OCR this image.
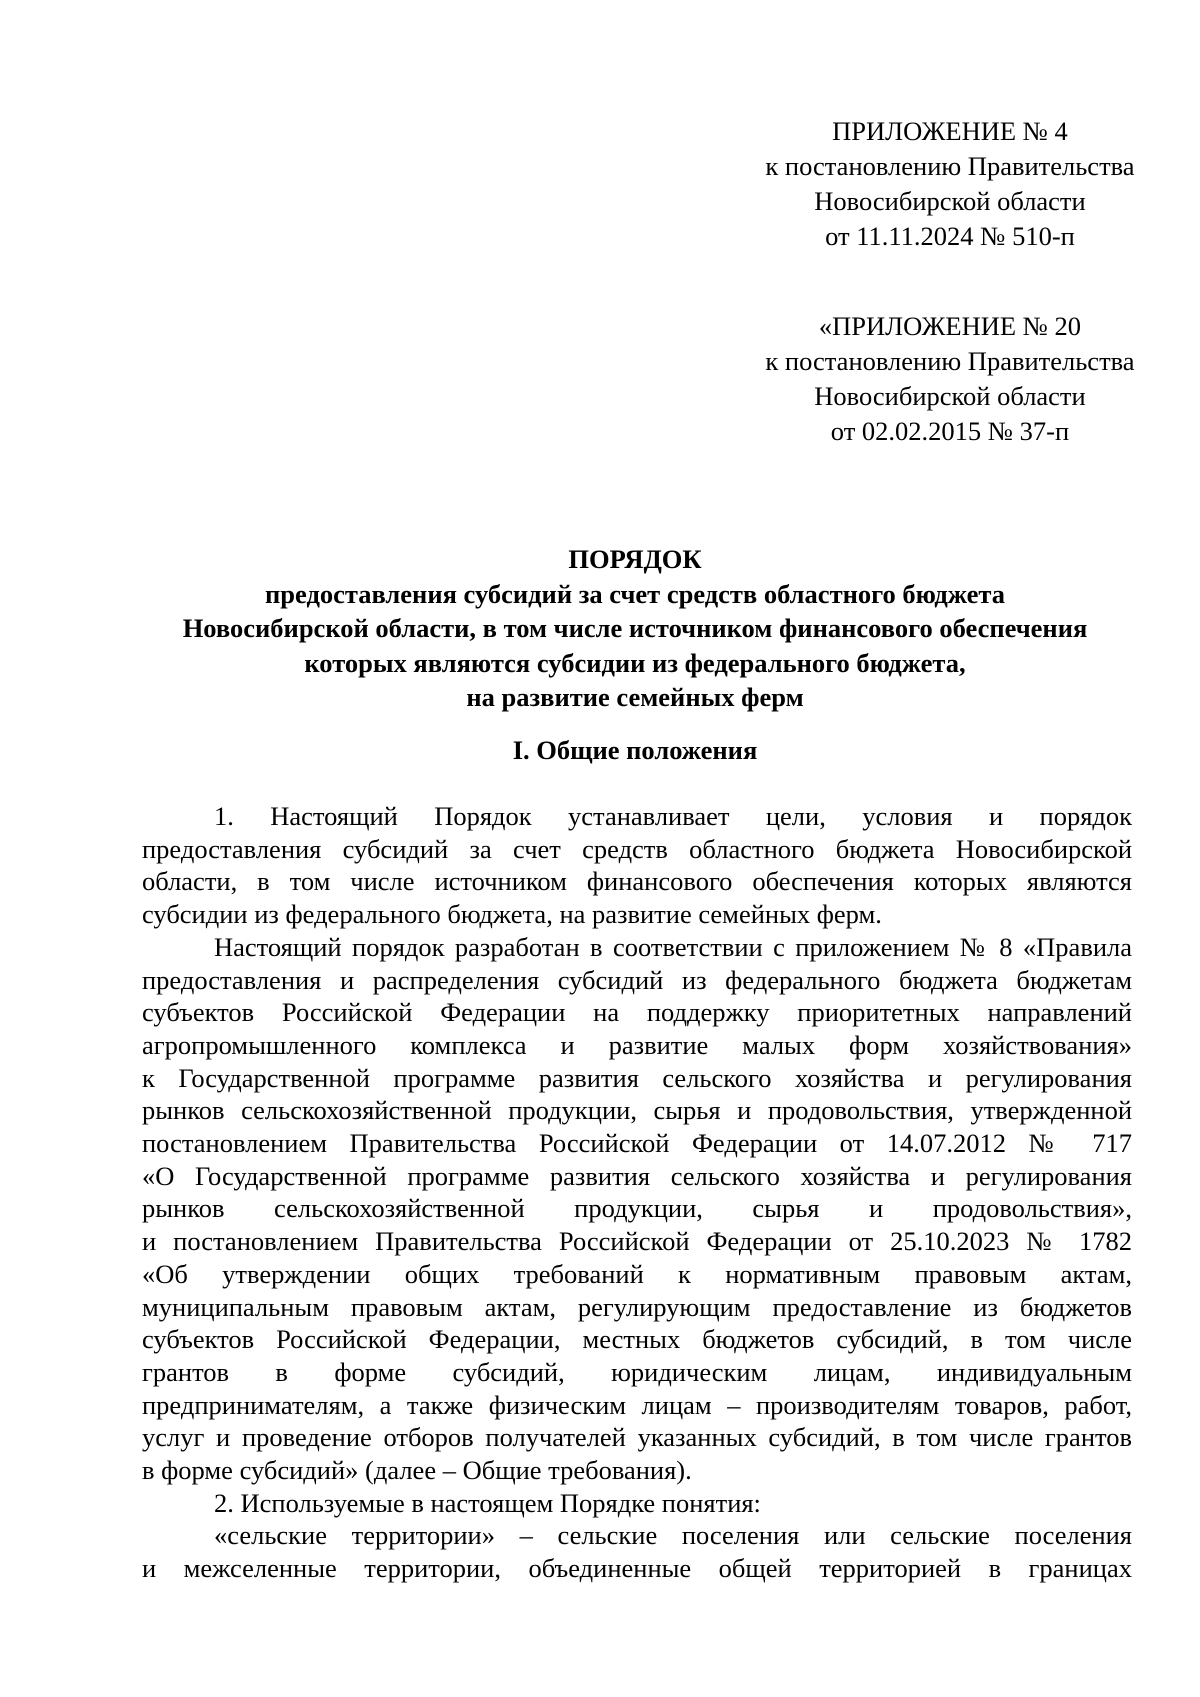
ПРИЛОЖЕНИЕ № 4
к постановлению Правительства
Новосибирской области
от 11.11.2024 № 510-п
«ПРИЛОЖЕНИЕ № 20
к постановлению Правительства
Новосибирской области
от 02.02.2015 № 37-п
ПОРЯДОК
предоставления субсидий за счет средств областного бюджета
Новосибирской области, в том числе источником финансового обеспечения
которых являются субсидии из федерального бюджета,
на развитие семейных ферм
I. Общие положения
1. Настоящий Порядок устанавливает цели, условия и порядок
предоставления субсидий за счет средств областного бюджета Новосибирской
области, в том числе источником финансового обеспечения которых являются
субсидии из федерального бюджета, на развитие семейных ферм.
Настоящий порядок разработан в соответствии с приложением № 8 «Правила
предоставления и распределения субсидий из федерального бюджета бюджетам
субъектов Российской Федерации на поддержку приоритетных направлений
агропромышленного комплекса и развитие малых форм хозяйствования»
к Государственной программе развития сельского хозяйства и регулирования
рынков сельскохозяйственной продукции, сырья и продовольствия, утвержденной
постановлением Правительства Российской Федерации от 14.07.2012 № 717
«О Государственной программе развития сельского хозяйства и регулирования
рынков сельскохозяйственной продукции, сырья и продовольствия»,
и постановлением Правительства Российской Федерации от 25.10.2023 № 1782
«Об утверждении общих требований к нормативным правовым актам,
муниципальным правовым актам, регулирующим предоставление из бюджетов
субъектов Российской Федерации, местных бюджетов субсидий, в том числе
грантов в форме субсидий, юридическим лицам, индивидуальным
предпринимателям, а также физическим лицам – производителям товаров, работ,
услуг и проведение отборов получателей указанных субсидий, в том числе грантов
в форме субсидий» (далее – Общие требования).
2. Используемые в настоящем Порядке понятия:
«сельские территории» – сельские поселения или сельские поселения
и межселенные территории, объединенные общей территорией в границах
